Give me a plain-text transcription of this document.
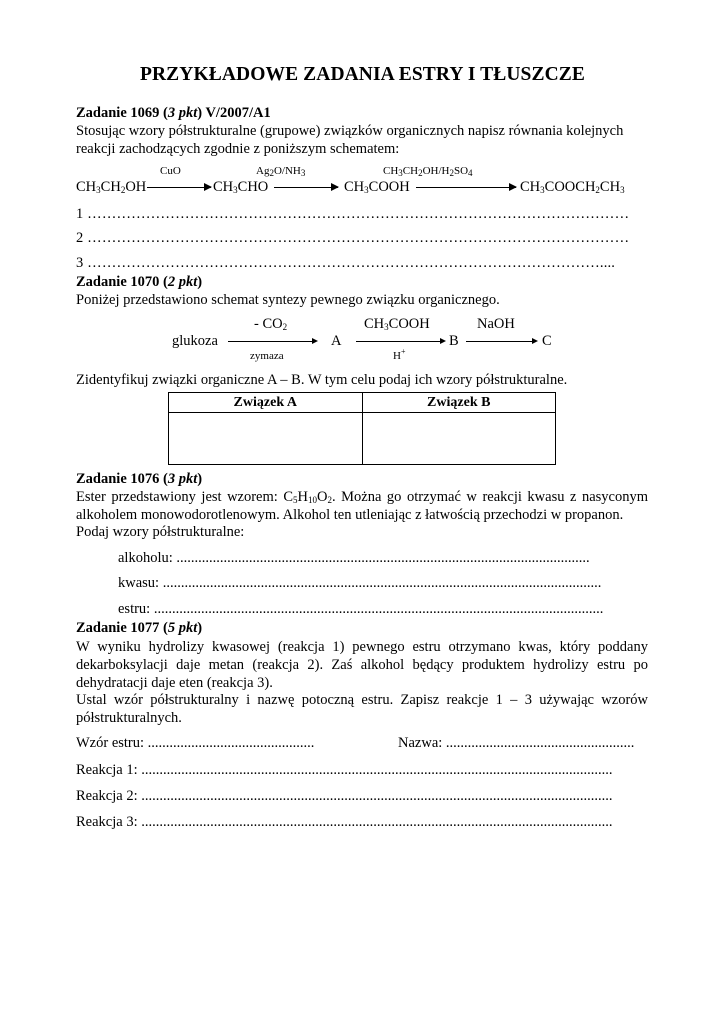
PRZYKŁADOWE ZADANIA ESTRY I TŁUSZCZE
Zadanie 1069 (3 pkt) V/2007/A1
Stosując wzory półstrukturalne (grupowe) związków organicznych napisz równania kolejnych reakcji zachodzących zgodnie z poniższym schematem:
CuO	$Ag_2O/NH_3$	$CH_3CH_2OH/H_2SO_4$
$CH_3CH_2OH$	$CH_3CHO$	$CH_3COOH$	$CH_3COOCH_2CH_3$
1 …………………………………………………………………………………………………
2 …………………………………………………………………………………………………
3 ……………………………………………………………………………………………....
Zadanie 1070 (2 pkt)
Poniżej przedstawiono schemat syntezy pewnego związku organicznego.
- $CO_2$	$CH_3COOH$	NaOH
glukoza	A	B	C
zymaza	H+
Zidentyfikuj związki organiczne A – B. W tym celu podaj ich wzory półstrukturalne.
Związek A	Związek B

Zadanie 1076 (3 pkt)
Ester przedstawiony jest wzorem: $C_5H_{10}O_2$. Można go otrzymać w reakcji kwasu z nasyconym alkoholem monowodorotlenowym. Alkohol ten utleniając z łatwością przechodzi w propanon.
Podaj wzory półstrukturalne:
alkoholu: ..................................................................................................................
kwasu: .........................................................................................................................
estru: ............................................................................................................................
Zadanie 1077 (5 pkt)
W wyniku hydrolizy kwasowej (reakcja 1) pewnego estru otrzymano kwas, który poddany dekarboksylacji daje metan (reakcja 2). Zaś alkohol będący produktem hydrolizy estru po dehydratacji daje eten (reakcja 3).
Ustal wzór półstrukturalny i nazwę potoczną estru. Zapisz reakcje 1 – 3 używając wzorów półstrukturalnych.
Wzór estru: ..............................................	Nazwa: ....................................................
Reakcja 1: ..................................................................................................................................
Reakcja 2: ..................................................................................................................................
Reakcja 3: ..................................................................................................................................
